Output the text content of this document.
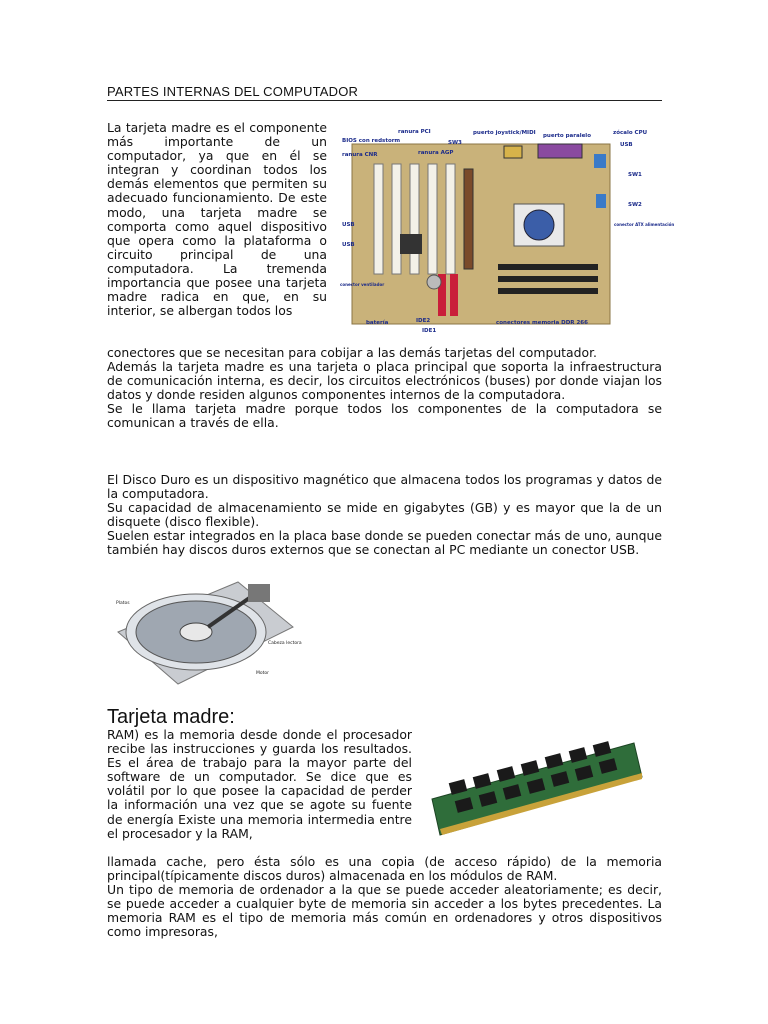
PARTES INTERNAS DEL COMPUTADOR
BIOS con redstorm
ranura PCI
SW3
puerto joystick/MIDI puerto paralelo	zócalo CPU
ranura CNR	ranura AGP
USB
SW1
SW2
conector ATX alimentación
USB
USB
conector ventilador
batería	IDE2
IDE1
conectores memoria DDR 266

La tarjeta madre es el componente más importante de un computador, ya que en él se integran y coordinan todos los demás elementos que permiten su adecuado funcionamiento. De este modo, una tarjeta madre se comporta como aquel dispositivo que opera como la plataforma o circuito principal de una computadora. La tremenda importancia que posee una tarjeta madre radica en que, en su interior, se albergan todos los

conectores que se necesitan para cobijar a las demás tarjetas del computador.

Además la tarjeta madre es una tarjeta o placa principal que soporta la infraestructura de comunicación interna, es decir, los circuitos electrónicos (buses) por donde viajan los datos y donde residen algunos componentes internos de la computadora.

Se le llama tarjeta madre porque todos los componentes de la computadora se comunican a través de ella.

El Disco Duro es un dispositivo magnético que almacena todos los programas y datos de la computadora.

Su capacidad de almacenamiento se mide en gigabytes (GB) y es mayor que la de un disquete (disco flexible).

Suelen estar integrados en la placa base donde se pueden conectar más de uno, aunque también hay discos duros externos que se conectan al PC mediante un conector USB.

Platos
Cabeza lectora
Motor
Tarjeta madre:

RAM) es la memoria desde donde el procesador recibe las instrucciones y guarda los resultados. Es el área de trabajo para la mayor parte del software de un computador. Se dice que es volátil por lo que posee la capacidad de perder la información una vez que se agote su fuente de energía Existe una memoria intermedia entre el procesador y la RAM,

llamada cache, pero ésta sólo es una copia (de acceso rápido) de la memoria principal(típicamente discos duros) almacenada en los módulos de RAM.

Un tipo de memoria de ordenador a la que se puede acceder aleatoriamente; es decir, se puede acceder a cualquier byte de memoria sin acceder a los bytes precedentes. La memoria RAM es el tipo de memoria más común en ordenadores y otros dispositivos como impresoras,
